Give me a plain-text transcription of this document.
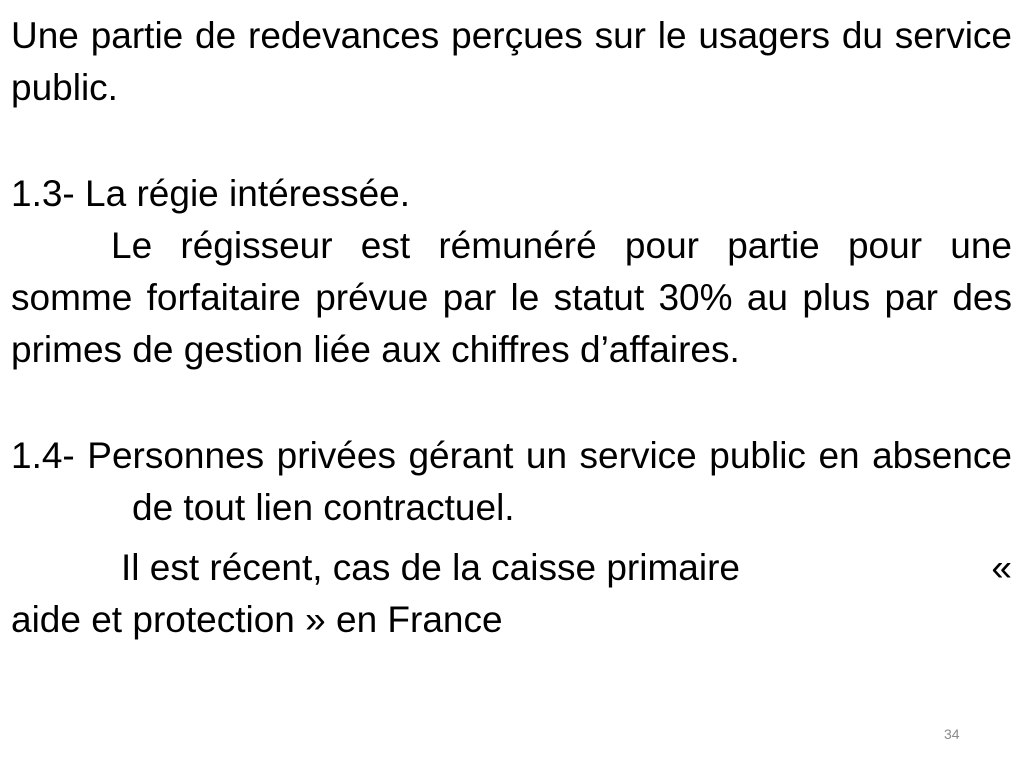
Une partie de redevances perçues sur le usagers du service public.

1.3- La régie intéressée.

Le régisseur est rémunéré pour partie pour une somme forfaitaire prévue par le statut 30% au plus par des primes de gestion liée aux chiffres d’affaires.

1.4- Personnes privées gérant un service public en absence de tout lien contractuel.

Il est récent, cas de la caisse primaire	«
aide et protection » en France
34
